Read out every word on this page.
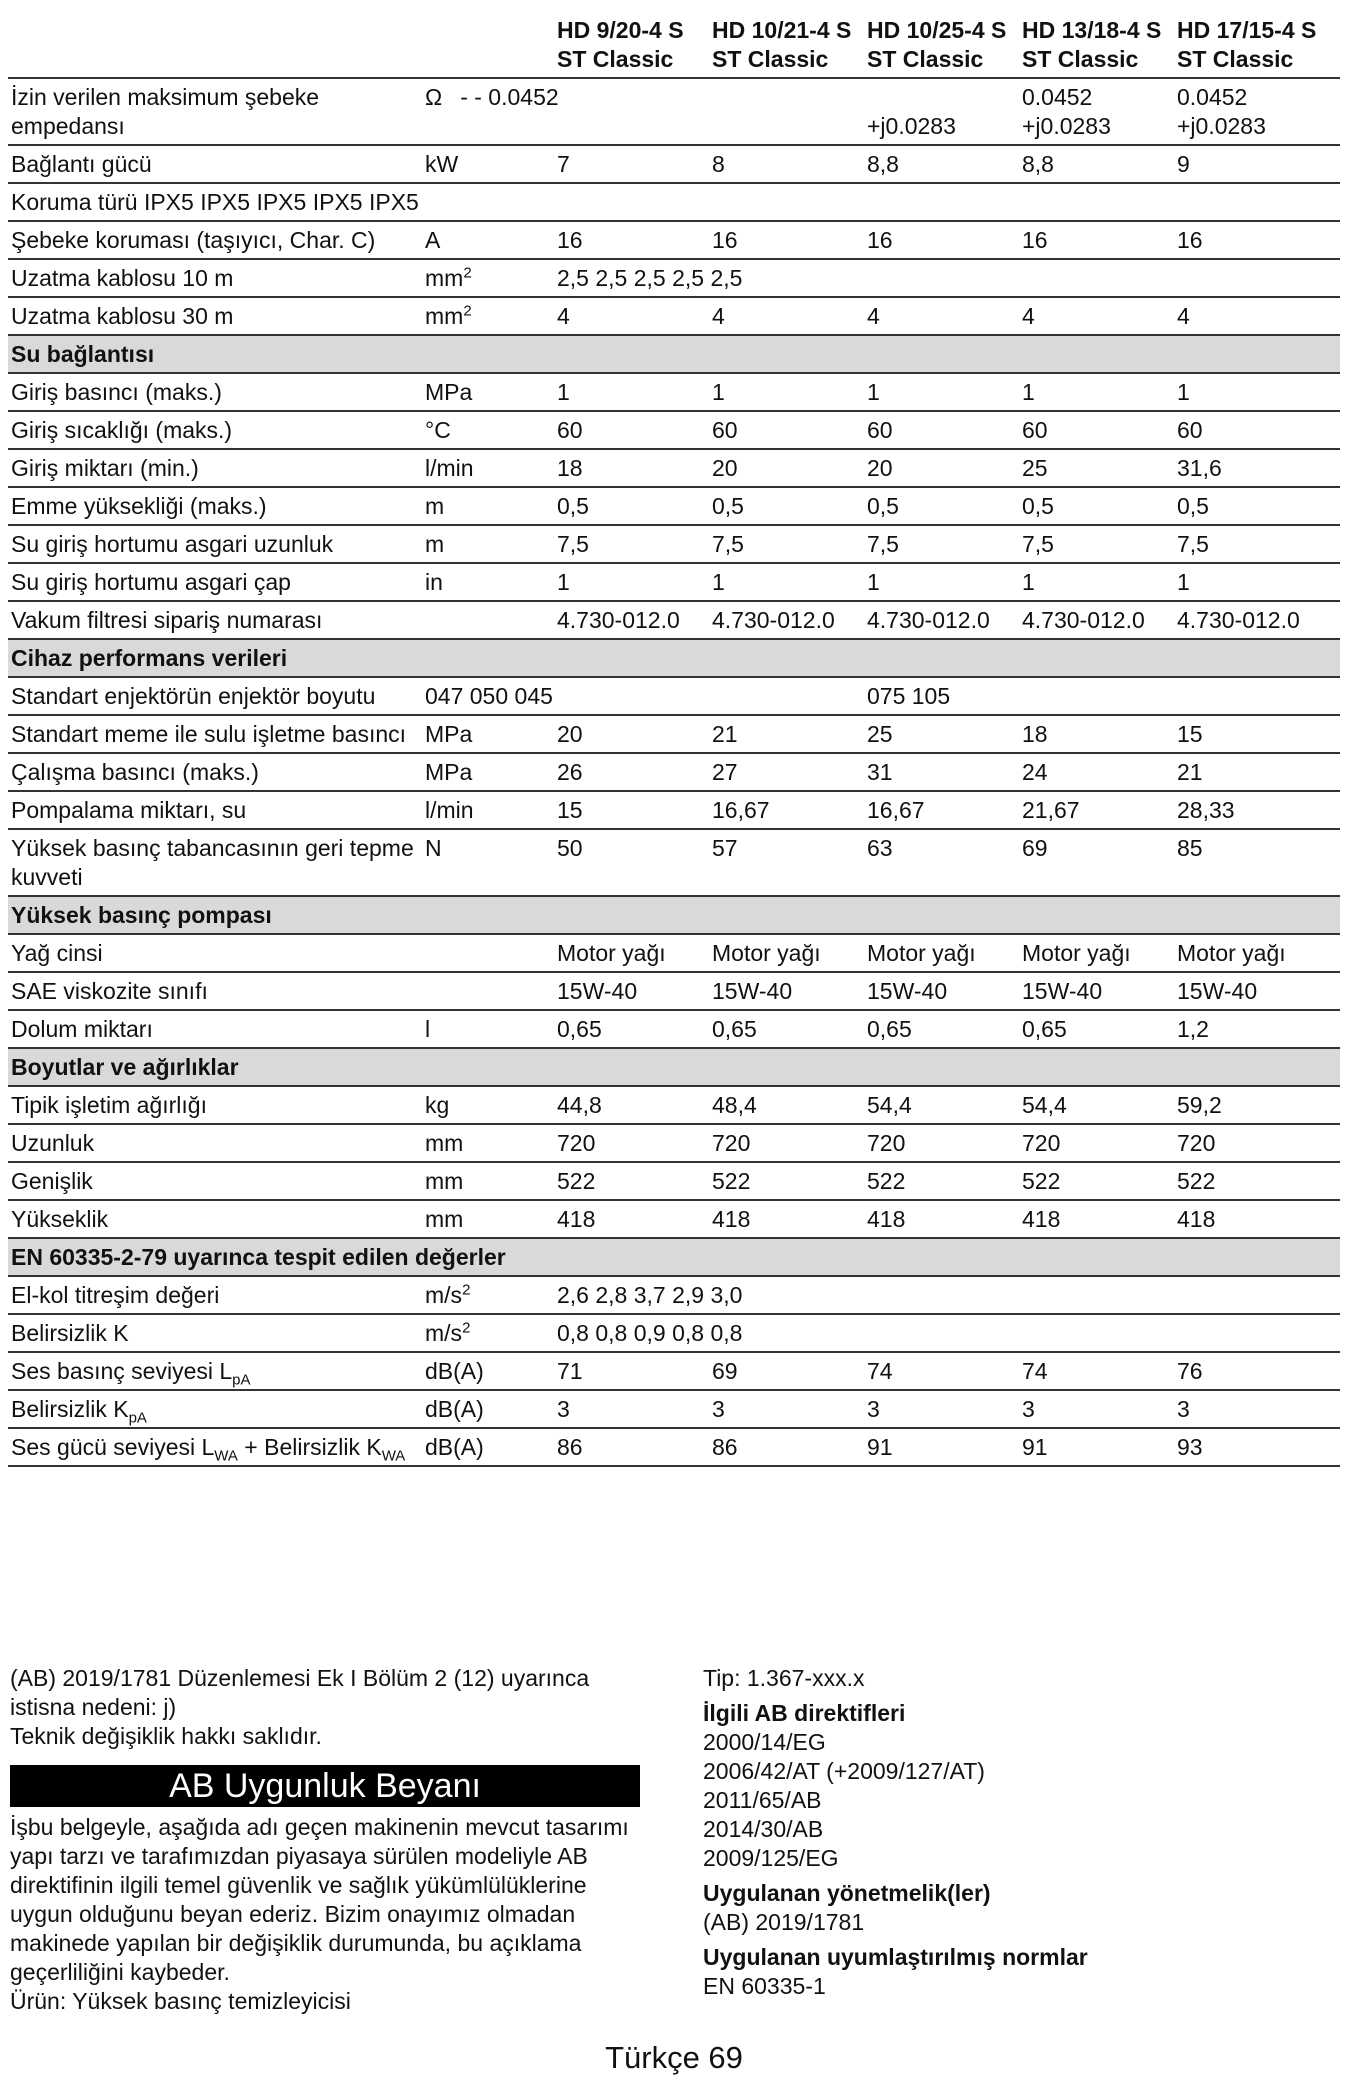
		HD 9/20-4 S ST Classic	HD 10/21-4 S ST Classic	HD 10/25-4 S ST Classic	HD 13/18-4 S ST Classic	HD 17/15-4 S ST Classic
İzin verilen maksimum şebeke empedansı	Ω - - 0.0452			+j0.0283	0.0452 +j0.0283	0.0452 +j0.0283
Bağlantı gücü	kW	7	8	8,8	8,8	9
Koruma türü IPX5 IPX5 IPX5 IPX5 IPX5						
Şebeke koruması (taşıyıcı, Char. C)	A	16	16	16	16	16
Uzatma kablosu 10 m	$mm^2$	2,5 2,5 2,5 2,5 2,5				
Uzatma kablosu 30 m	$mm^2$	4	4	4	4	4
Su bağlantısı						
Giriş basıncı (maks.)	MPa	1	1	1	1	1
Giriş sıcaklığı (maks.)	°C	60	60	60	60	60
Giriş miktarı (min.)	l/min	18	20	20	25	31,6
Emme yüksekliği (maks.)	m	0,5	0,5	0,5	0,5	0,5
Su giriş hortumu asgari uzunluk	m	7,5	7,5	7,5	7,5	7,5
Su giriş hortumu asgari çap	in	1	1	1	1	1
Vakum filtresi sipariş numarası		4.730-012.0	4.730-012.0	4.730-012.0	4.730-012.0	4.730-012.0
Cihaz performans verileri						
Standart enjektörün enjektör boyutu	047 050 045			075 105		
Standart meme ile sulu işletme basıncı	MPa	20	21	25	18	15
Çalışma basıncı (maks.)	MPa	26	27	31	24	21
Pompalama miktarı, su	l/min	15	16,67	16,67	21,67	28,33
Yüksek basınç tabancasının geri tepme kuvveti	N	50	57	63	69	85
Yüksek basınç pompası						
Yağ cinsi		Motor yağı	Motor yağı	Motor yağı	Motor yağı	Motor yağı
SAE viskozite sınıfı		15W-40	15W-40	15W-40	15W-40	15W-40
Dolum miktarı	l	0,65	0,65	0,65	0,65	1,2
Boyutlar ve ağırlıklar						
Tipik işletim ağırlığı	kg	44,8	48,4	54,4	54,4	59,2
Uzunluk	mm	720	720	720	720	720
Genişlik	mm	522	522	522	522	522
Yükseklik	mm	418	418	418	418	418
EN 60335-2-79 uyarınca tespit edilen değerler						
El-kol titreşim değeri	$m/s^2$	2,6 2,8 3,7 2,9 3,0				
Belirsizlik K	$m/s^2$	0,8 0,8 0,9 0,8 0,8				
Ses basınç seviyesi $L_{pA}$	dB(A)	71	69	74	74	76
Belirsizlik $K_{pA}$	dB(A)	3	3	3	3	3
Ses gücü seviyesi $L_{WA}$ + Belirsizlik $K_{WA}$	dB(A)	86	86	91	91	93

(AB) 2019/1781 Düzenlemesi Ek I Bölüm 2 (12) uyarınca istisna nedeni: j)

Teknik değişiklik hakkı saklıdır.

AB Uygunluk Beyanı

İşbu belgeyle, aşağıda adı geçen makinenin mevcut tasarımı yapı tarzı ve tarafımızdan piyasaya sürülen modeliyle AB direktifinin ilgili temel güvenlik ve sağlık yükümlülüklerine uygun olduğunu beyan ederiz. Bizim onayımız olmadan makinede yapılan bir değişiklik durumunda, bu açıklama geçerliliğini kaybeder.

Ürün: Yüksek basınç temizleyicisi

Tip: 1.367-xxx.x
İlgili AB direktifleri
2000/14/EG
2006/42/AT (+2009/127/AT)
2011/65/AB
2014/30/AB
2009/125/EG
Uygulanan yönetmelik(ler)
(AB) 2019/1781
Uygulanan uyumlaştırılmış normlar
EN 60335-1
Türkçe 69
